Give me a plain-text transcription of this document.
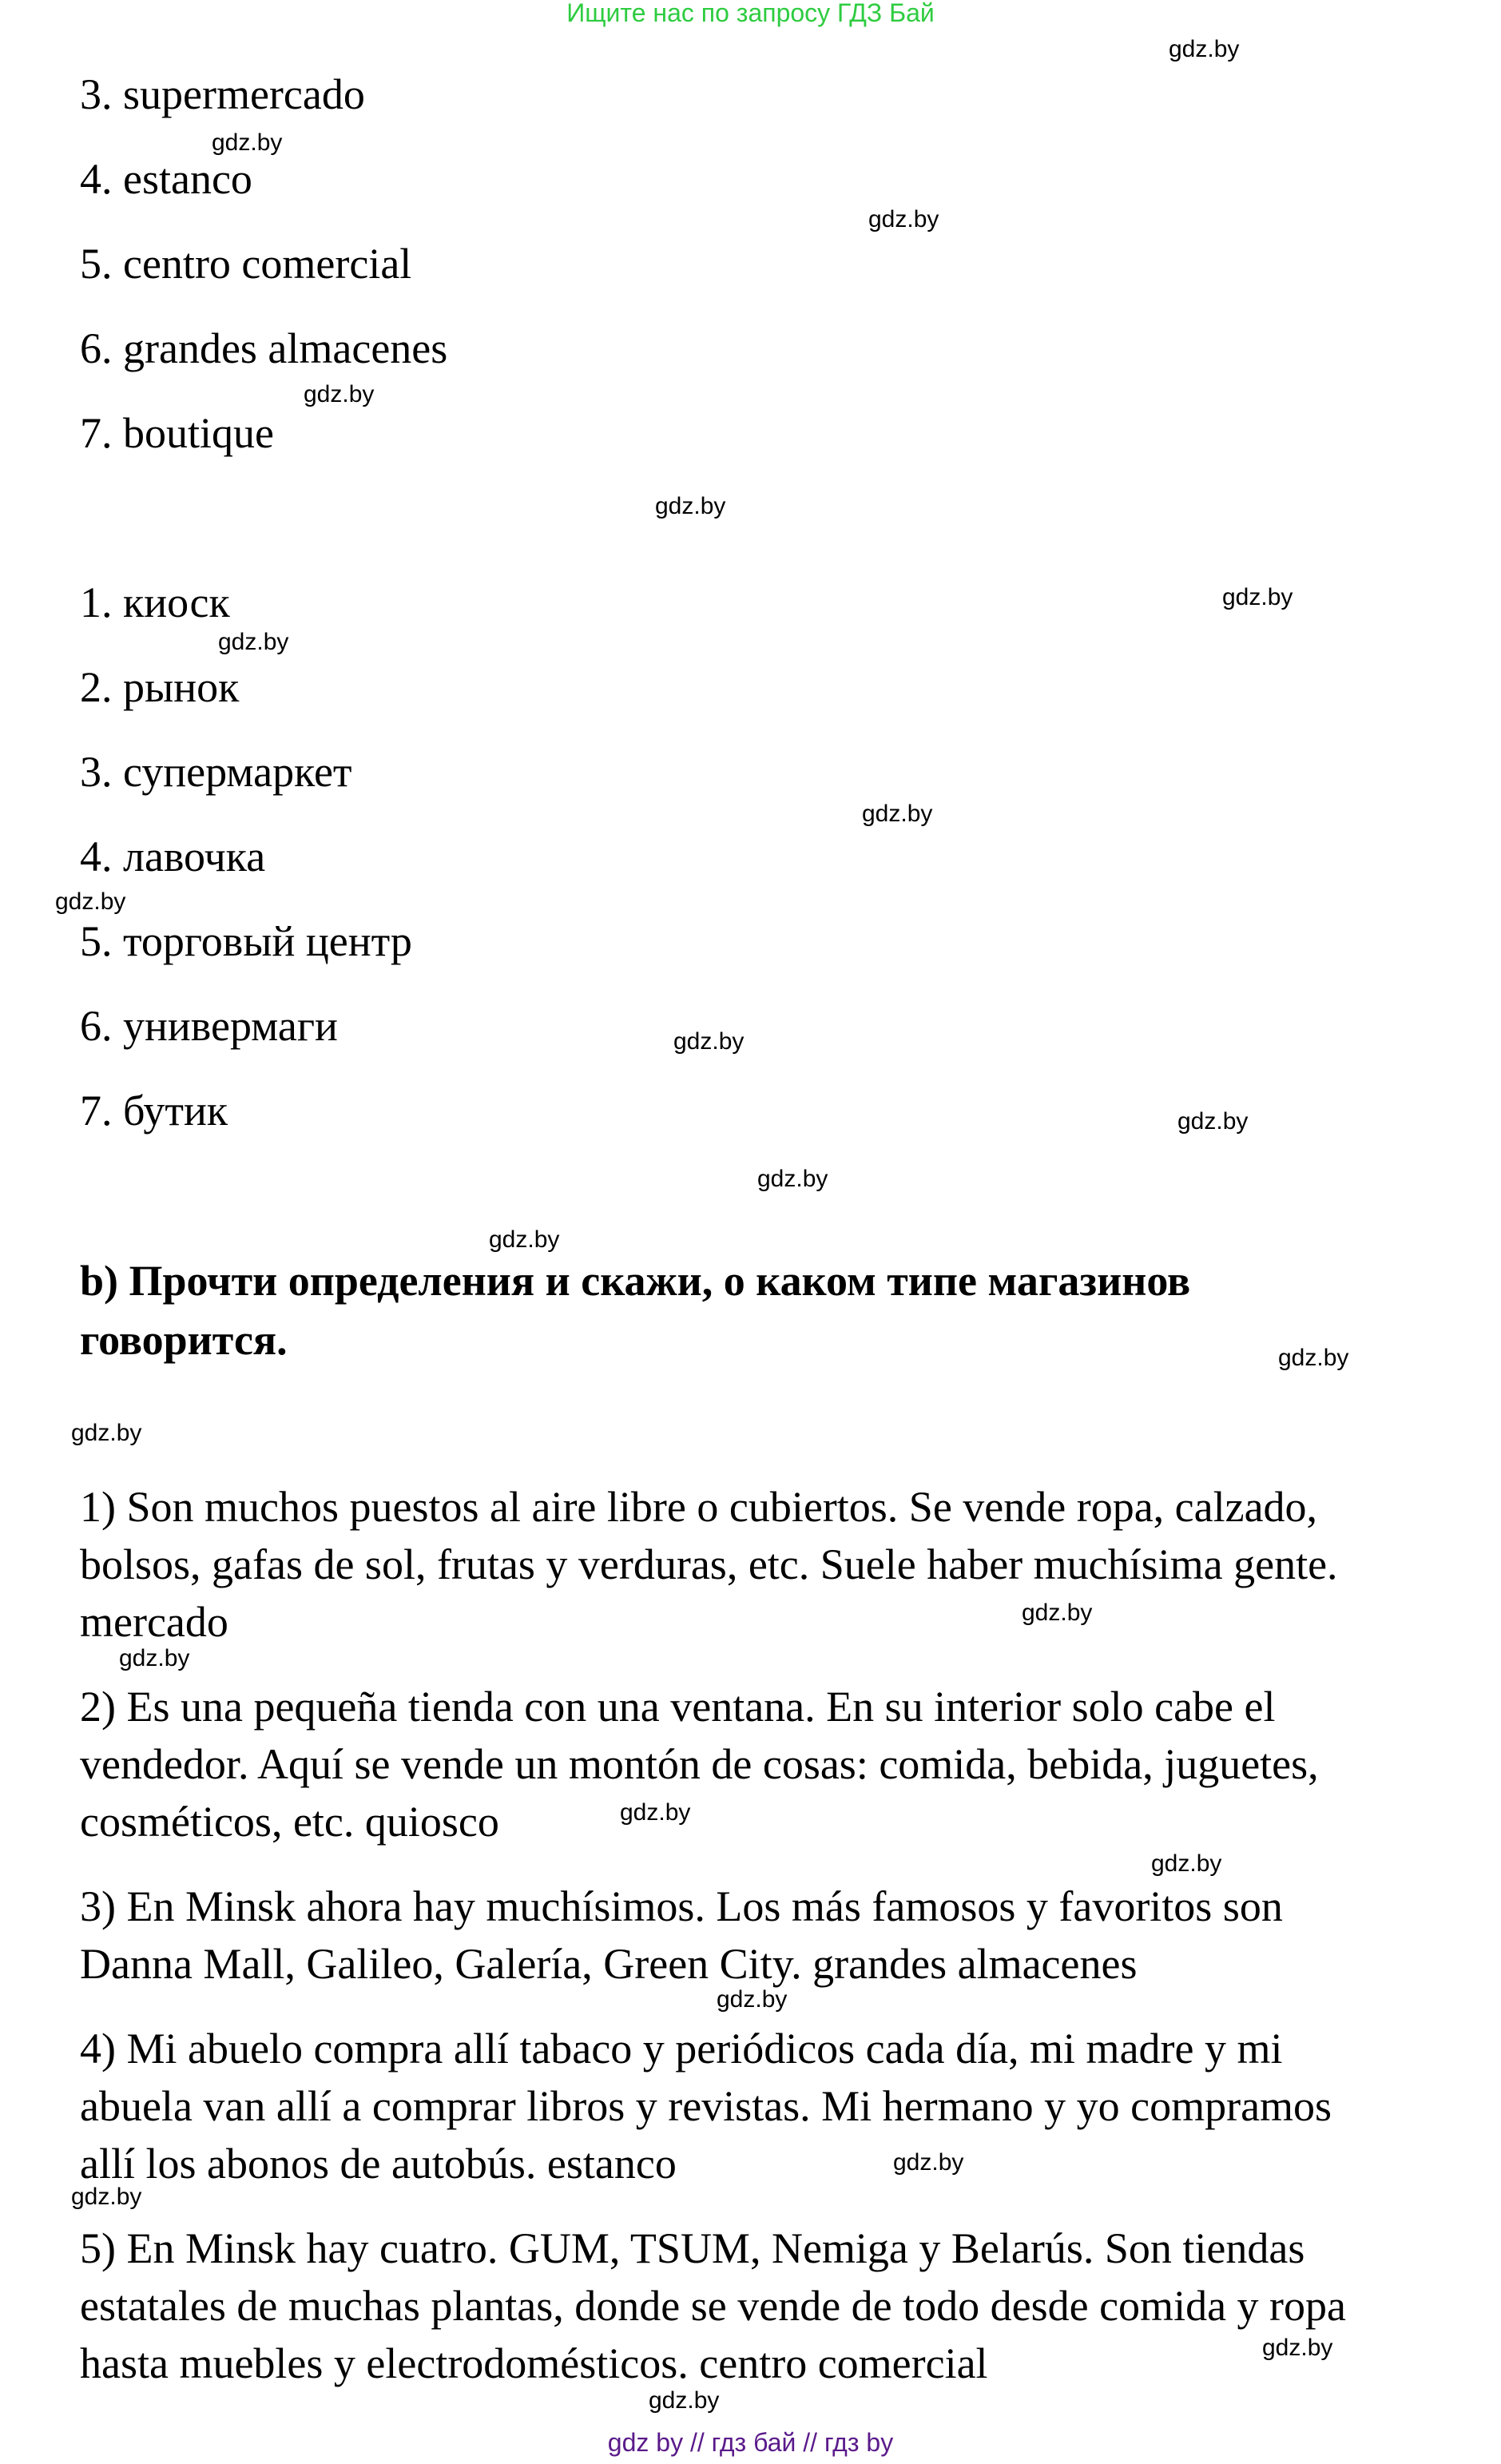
Ищите нас по запросу ГДЗ Бай
3. supermercado
4. estanco
5. centro comercial
6. grandes almacenes
7. boutique
1. киоск
2. рынок
3. супермаркет
4. лавочка
5. торговый центр
6. универмаги
7. бутик
b) Прочти определения и скажи, о каком типе магазинов
говорится.
1) Son muchos puestos al aire libre o cubiertos. Se vende ropa, calzado,
bolsos, gafas de sol, frutas y verduras, etc. Suele haber muchísima gente.
mercado
2) Es una pequeña tienda con una ventana. En su interior solo cabe el
vendedor. Aquí se vende un montón de cosas: comida, bebida, juguetes,
cosméticos, etc. quiosco
3) En Minsk ahora hay muchísimos. Los más famosos y favoritos son
Danna Mall, Galileo, Galería, Green City. grandes almacenes
4) Mi abuelo compra allí tabaco y periódicos cada día, mi madre y mi
abuela van allí a comprar libros y revistas. Mi hermano y yo compramos
allí los abonos de autobús. estanco
5) En Minsk hay cuatro. GUM, TSUM, Nemiga y Belarús. Son tiendas
estatales de muchas plantas, donde se vende de todo desde comida y ropa
hasta muebles y electrodomésticos. centro comercial
gdz.by
gdz.by
gdz.by
gdz.by
gdz.by
gdz.by
gdz.by
gdz.by
gdz.by
gdz.by
gdz.by
gdz.by
gdz.by
gdz.by
gdz.by
gdz.by
gdz.by
gdz.by
gdz.by
gdz.by
gdz.by
gdz.by
gdz.by
gdz.by
gdz by // гдз бай // гдз by
